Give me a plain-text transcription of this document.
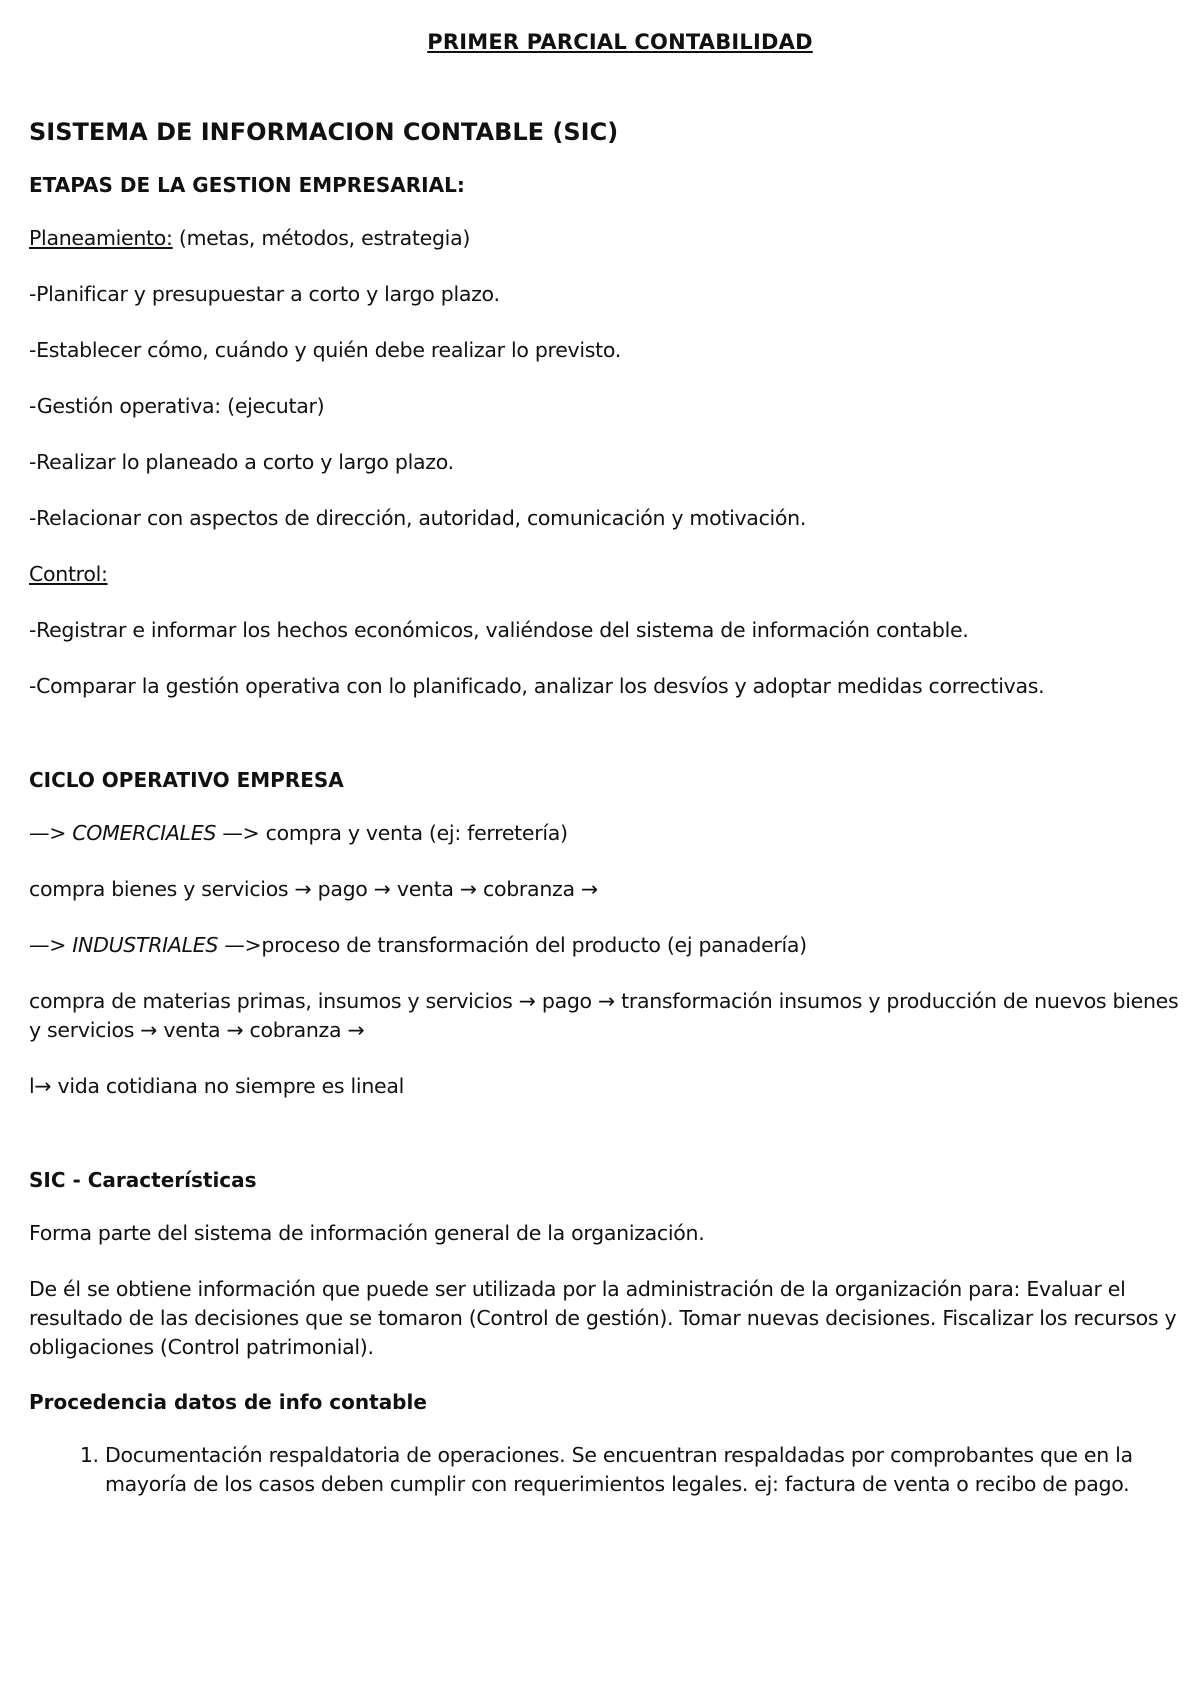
PRIMER PARCIAL CONTABILIDAD
SISTEMA DE INFORMACION CONTABLE (SIC)
ETAPAS DE LA GESTION EMPRESARIAL:
Planeamiento: (metas, métodos, estrategia)
-Planificar y presupuestar a corto y largo plazo.
-Establecer cómo, cuándo y quién debe realizar lo previsto.
-Gestión operativa: (ejecutar)
-Realizar lo planeado a corto y largo plazo.
-Relacionar con aspectos de dirección, autoridad, comunicación y motivación.
Control:
-Registrar e informar los hechos económicos, valiéndose del sistema de información contable.
-Comparar la gestión operativa con lo planificado, analizar los desvíos y adoptar medidas correctivas.
CICLO OPERATIVO EMPRESA
—> COMERCIALES —> compra y venta (ej: ferretería)
compra bienes y servicios → pago → venta → cobranza →
—> INDUSTRIALES —>proceso de transformación del producto (ej panadería)
compra de materias primas, insumos y servicios → pago → transformación insumos y producción de nuevos bienes y servicios → venta → cobranza →
l→ vida cotidiana no siempre es lineal
SIC - Características
Forma parte del sistema de información general de la organización.
De él se obtiene información que puede ser utilizada por la administración de la organización para: Evaluar el resultado de las decisiones que se tomaron (Control de gestión). Tomar nuevas decisiones. Fiscalizar los recursos y obligaciones (Control patrimonial).
Procedencia datos de info contable
1. Documentación respaldatoria de operaciones. Se encuentran respaldadas por comprobantes que en la mayoría de los casos deben cumplir con requerimientos legales. ej: factura de venta o recibo de pago.
